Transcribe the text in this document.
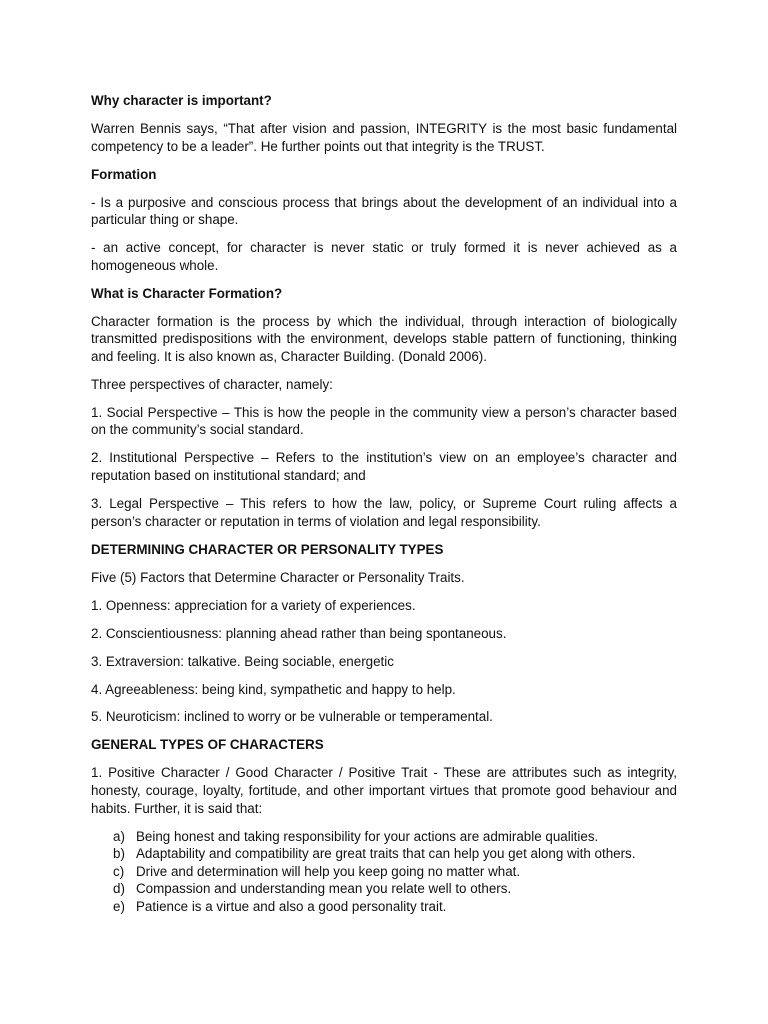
Why character is important?

Warren Bennis says, “That after vision and passion, INTEGRITY is the most basic fundamental competency to be a leader”. He further points out that integrity is the TRUST.

Formation

- Is a purposive and conscious process that brings about the development of an individual into a particular thing or shape.

- an active concept, for character is never static or truly formed it is never achieved as a homogeneous whole.

What is Character Formation?

Character formation is the process by which the individual, through interaction of biologically transmitted predispositions with the environment, develops stable pattern of functioning, thinking and feeling. It is also known as, Character Building. (Donald 2006).

Three perspectives of character, namely:

1. Social Perspective – This is how the people in the community view a person’s character based on the community’s social standard.

2. Institutional Perspective – Refers to the institution’s view on an employee’s character and reputation based on institutional standard; and

3. Legal Perspective – This refers to how the law, policy, or Supreme Court ruling affects a person’s character or reputation in terms of violation and legal responsibility.

DETERMINING CHARACTER OR PERSONALITY TYPES

Five (5) Factors that Determine Character or Personality Traits.

1. Openness: appreciation for a variety of experiences.

2. Conscientiousness: planning ahead rather than being spontaneous.

3. Extraversion: talkative. Being sociable, energetic

4. Agreeableness: being kind, sympathetic and happy to help.

5. Neuroticism: inclined to worry or be vulnerable or temperamental.

GENERAL TYPES OF CHARACTERS

1. Positive Character / Good Character / Positive Trait - These are attributes such as integrity, honesty, courage, loyalty, fortitude, and other important virtues that promote good behaviour and habits. Further, it is said that:

a) Being honest and taking responsibility for your actions are admirable qualities.
b) Adaptability and compatibility are great traits that can help you get along with others.
c) Drive and determination will help you keep going no matter what.
d) Compassion and understanding mean you relate well to others.
e) Patience is a virtue and also a good personality trait.
